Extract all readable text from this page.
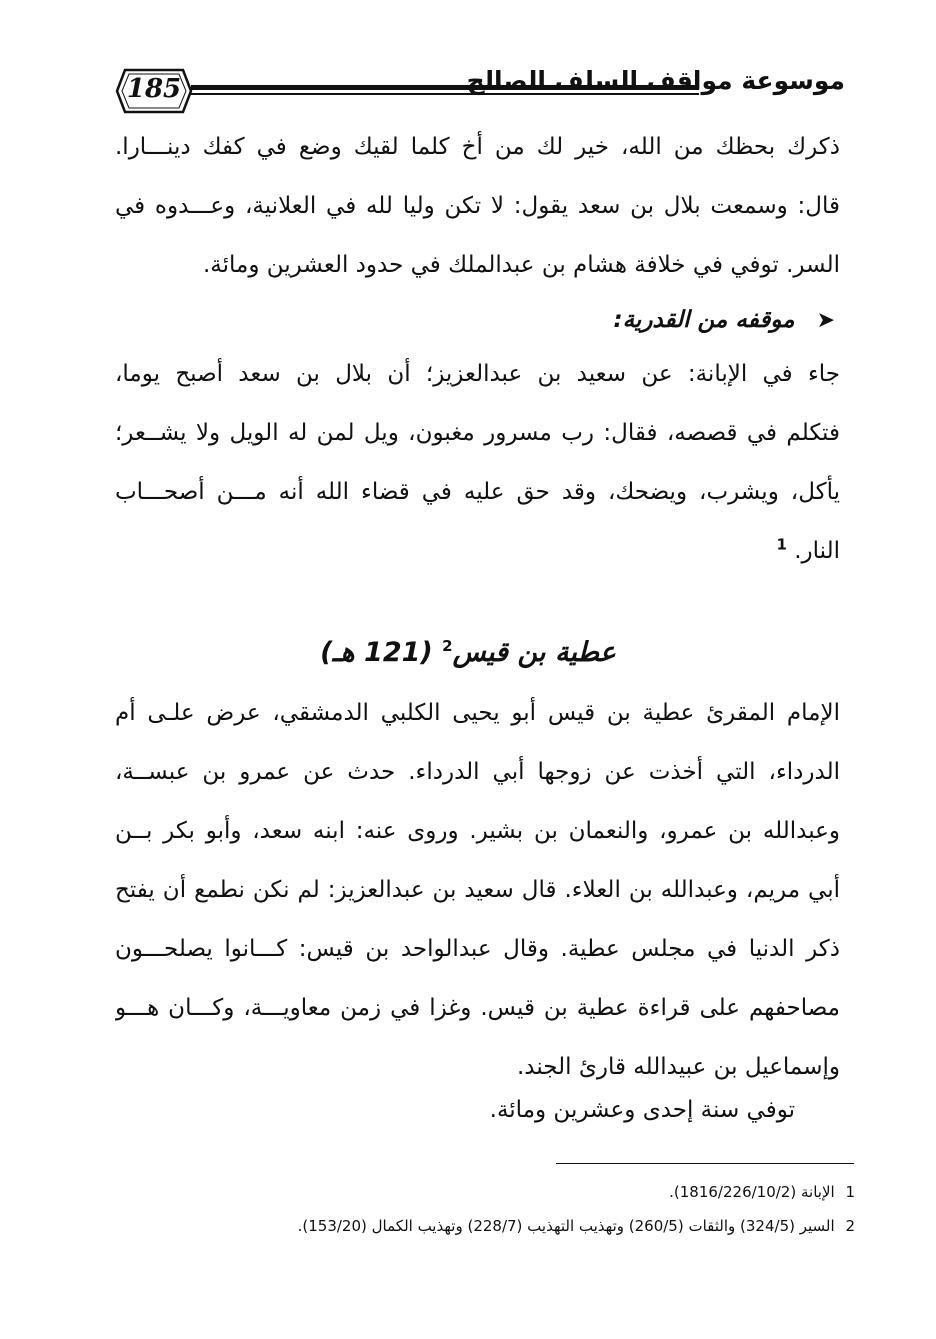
185	موسوعة مواقف السلف الصالح
ذكرك بحظك من الله، خير لك من أخ كلما لقيك وضع في كفك دينـــارا.
قال: وسمعت بلال بن سعد يقول: لا تكن وليا لله في العلانية، وعـــدوه في
السر. توفي في خلافة هشام بن عبدالملك في حدود العشرين ومائة.
➤ موقفه من القدرية:
جاء في الإبانة: عن سعيد بن عبدالعزيز؛ أن بلال بن سعد أصبح يوما،
فتكلم في قصصه، فقال: رب مسرور مغبون، ويل لمن له الويل ولا يشــعر؛
يأكل، ويشرب، ويضحك، وقد حق عليه في قضاء الله أنه مـــن أصحـــاب
النار. $^1$
عطية بن قيس$^2$ (121 هـ)
الإمام المقرئ عطية بن قيس أبو يحيى الكلبي الدمشقي، عرض علـى أم
الدرداء، التي أخذت عن زوجها أبي الدرداء. حدث عن عمرو بن عبســة،
وعبدالله بن عمرو، والنعمان بن بشير. وروى عنه: ابنه سعد، وأبو بكر بــن
أبي مريم، وعبدالله بن العلاء. قال سعيد بن عبدالعزيز: لم نكن نطمع أن يفتح
ذكر الدنيا في مجلس عطية. وقال عبدالواحد بن قيس: كـــانوا يصلحـــون
مصاحفهم على قراءة عطية بن قيس. وغزا في زمن معاويـــة، وكـــان هـــو
وإسماعيل بن عبيدالله قارئ الجند.
توفي سنة إحدى وعشرين ومائة.
1 الإبانة (1816/226/10/2).
2 السير (324/5) والثقات (260/5) وتهذيب التهذيب (228/7) وتهذيب الكمال (153/20).
